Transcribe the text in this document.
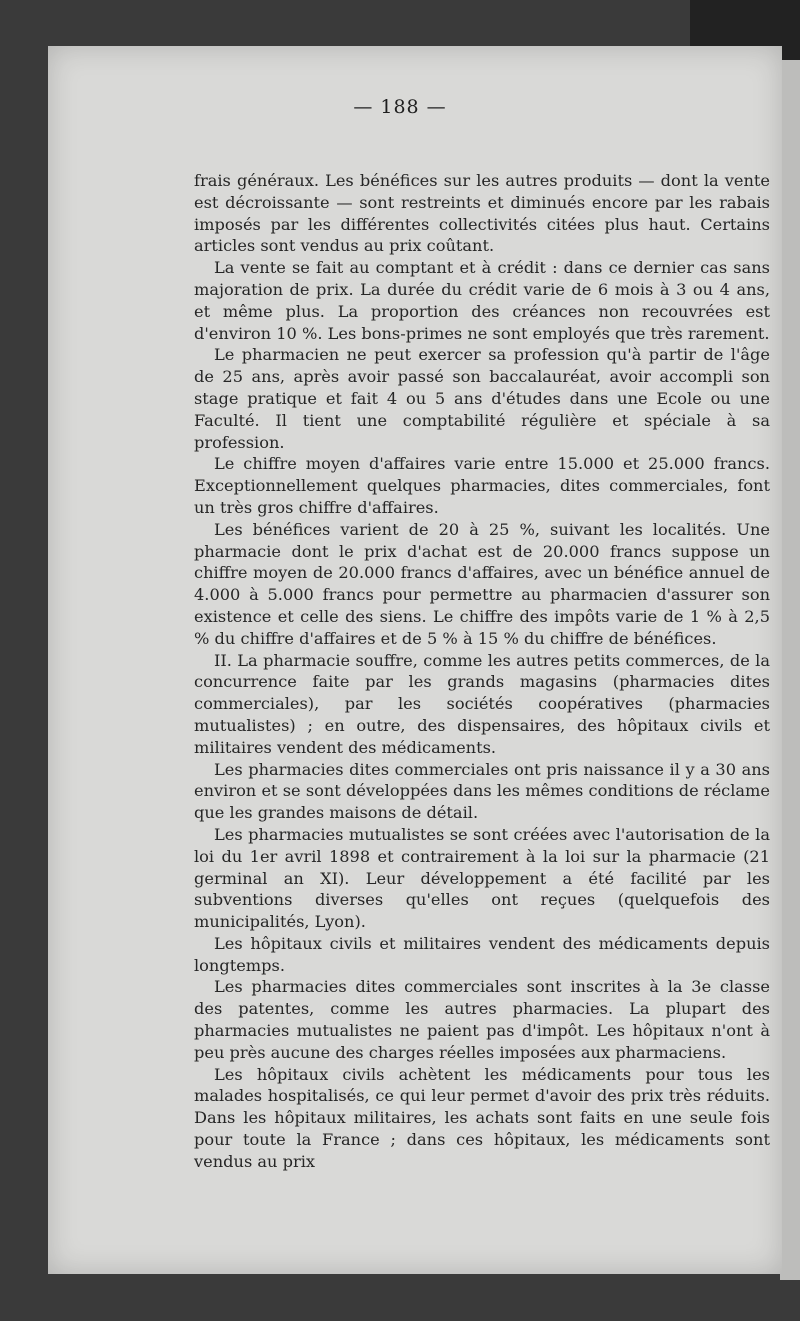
— 188 —

frais généraux. Les bénéfices sur les autres produits — dont la vente est décroissante — sont restreints et diminués encore par les rabais imposés par les différentes collectivités citées plus haut. Certains articles sont vendus au prix coûtant.

La vente se fait au comptant et à crédit : dans ce dernier cas sans majoration de prix. La durée du crédit varie de 6 mois à 3 ou 4 ans, et même plus. La proportion des créances non recouvrées est d'environ 10 %. Les bons-primes ne sont employés que très rarement.

Le pharmacien ne peut exercer sa profession qu'à partir de l'âge de 25 ans, après avoir passé son baccalauréat, avoir accompli son stage pratique et fait 4 ou 5 ans d'études dans une Ecole ou une Faculté. Il tient une comptabilité régulière et spéciale à sa profession.

Le chiffre moyen d'affaires varie entre 15.000 et 25.000 francs. Exceptionnellement quelques pharmacies, dites commerciales, font un très gros chiffre d'affaires.

Les bénéfices varient de 20 à 25 %, suivant les localités. Une pharmacie dont le prix d'achat est de 20.000 francs suppose un chiffre moyen de 20.000 francs d'affaires, avec un bénéfice annuel de 4.000 à 5.000 francs pour permettre au pharmacien d'assurer son existence et celle des siens. Le chiffre des impôts varie de 1 % à 2,5 % du chiffre d'affaires et de 5 % à 15 % du chiffre de bénéfices.

II. La pharmacie souffre, comme les autres petits commerces, de la concurrence faite par les grands magasins (pharmacies dites commerciales), par les sociétés coopératives (pharmacies mutualistes) ; en outre, des dispensaires, des hôpitaux civils et militaires vendent des médicaments.

Les pharmacies dites commerciales ont pris naissance il y a 30 ans environ et se sont développées dans les mêmes conditions de réclame que les grandes maisons de détail.

Les pharmacies mutualistes se sont créées avec l'autorisation de la loi du 1er avril 1898 et contrairement à la loi sur la pharmacie (21 germinal an XI). Leur développement a été facilité par les subventions diverses qu'elles ont reçues (quelquefois des municipalités, Lyon).

Les hôpitaux civils et militaires vendent des médicaments depuis longtemps.

Les pharmacies dites commerciales sont inscrites à la 3e classe des patentes, comme les autres pharmacies. La plupart des pharmacies mutualistes ne paient pas d'impôt. Les hôpitaux n'ont à peu près aucune des charges réelles imposées aux pharmaciens.

Les hôpitaux civils achètent les médicaments pour tous les malades hospitalisés, ce qui leur permet d'avoir des prix très réduits. Dans les hôpitaux militaires, les achats sont faits en une seule fois pour toute la France ; dans ces hôpitaux, les médicaments sont vendus au prix
